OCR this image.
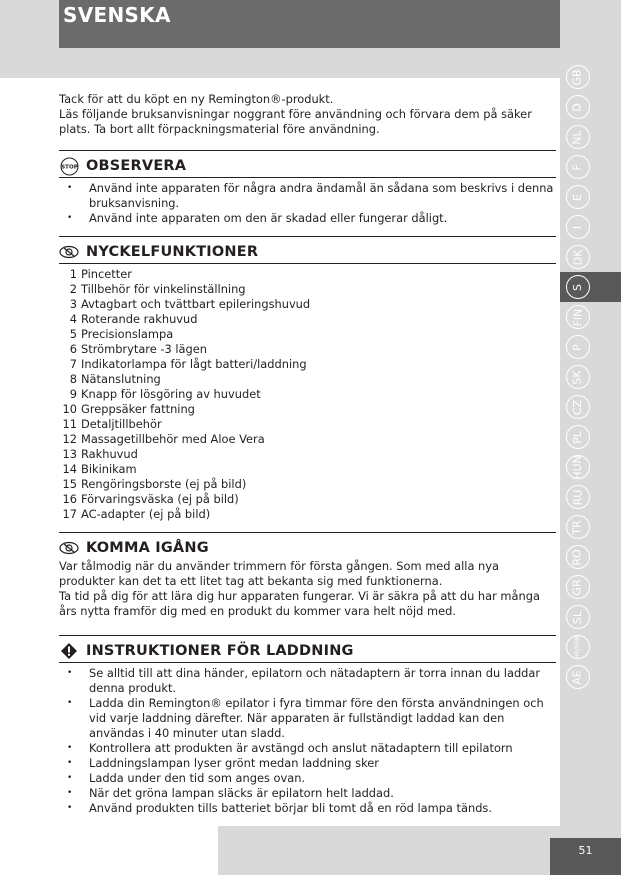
SVENSKA
51
GB
D
NL
F
E
I
DK
S
FIN
P
SK
CZ
PL
HUN
RU
TR
RO
GR
SL
HR/SRB
AE

Tack för att du köpt en ny Remington®-produkt.

Läs följande bruksanvisningar noggrant före användning och förvara dem på säker plats. Ta bort allt förpackningsmaterial före användning.

STOP OBSERVERA
• Använd inte apparaten för några andra ändamål än sådana som beskrivs i denna bruksanvisning.
• Använd inte apparaten om den är skadad eller fungerar dåligt.
NYCKELFUNKTIONER
1 Pincetter
2 Tillbehör för vinkelinställning
3 Avtagbart och tvättbart epileringshuvud
4 Roterande rakhuvud
5 Precisionslampa
6 Strömbrytare -3 lägen
7 Indikatorlampa för lågt batteri/laddning
8 Nätanslutning
9 Knapp för lösgöring av huvudet
10 Greppsäker fattning
11 Detaljtillbehör
12 Massagetillbehör med Aloe Vera
13 Rakhuvud
14 Bikinikam
15 Rengöringsborste (ej på bild)
16 Förvaringsväska (ej på bild)
17 AC-adapter (ej på bild)
KOMMA IGÅNG

Var tålmodig när du använder trimmern för första gången. Som med alla nya produkter kan det ta ett litet tag att bekanta sig med funktionerna.

Ta tid på dig för att lära dig hur apparaten fungerar. Vi är säkra på att du har många års nytta framför dig med en produkt du kommer vara helt nöjd med.

INSTRUKTIONER FÖR LADDNING
• Se alltid till att dina händer, epilatorn och nätadaptern är torra innan du laddar denna produkt.
• Ladda din Remington® epilator i fyra timmar före den första användningen och vid varje laddning därefter. När apparaten är fullständigt laddad kan den användas i 40 minuter utan sladd.
• Kontrollera att produkten är avstängd och anslut nätadaptern till epilatorn
• Laddningslampan lyser grönt medan laddning sker
• Ladda under den tid som anges ovan.
• När det gröna lampan släcks är epilatorn helt laddad.
• Använd produkten tills batteriet börjar bli tomt då en röd lampa tänds.
